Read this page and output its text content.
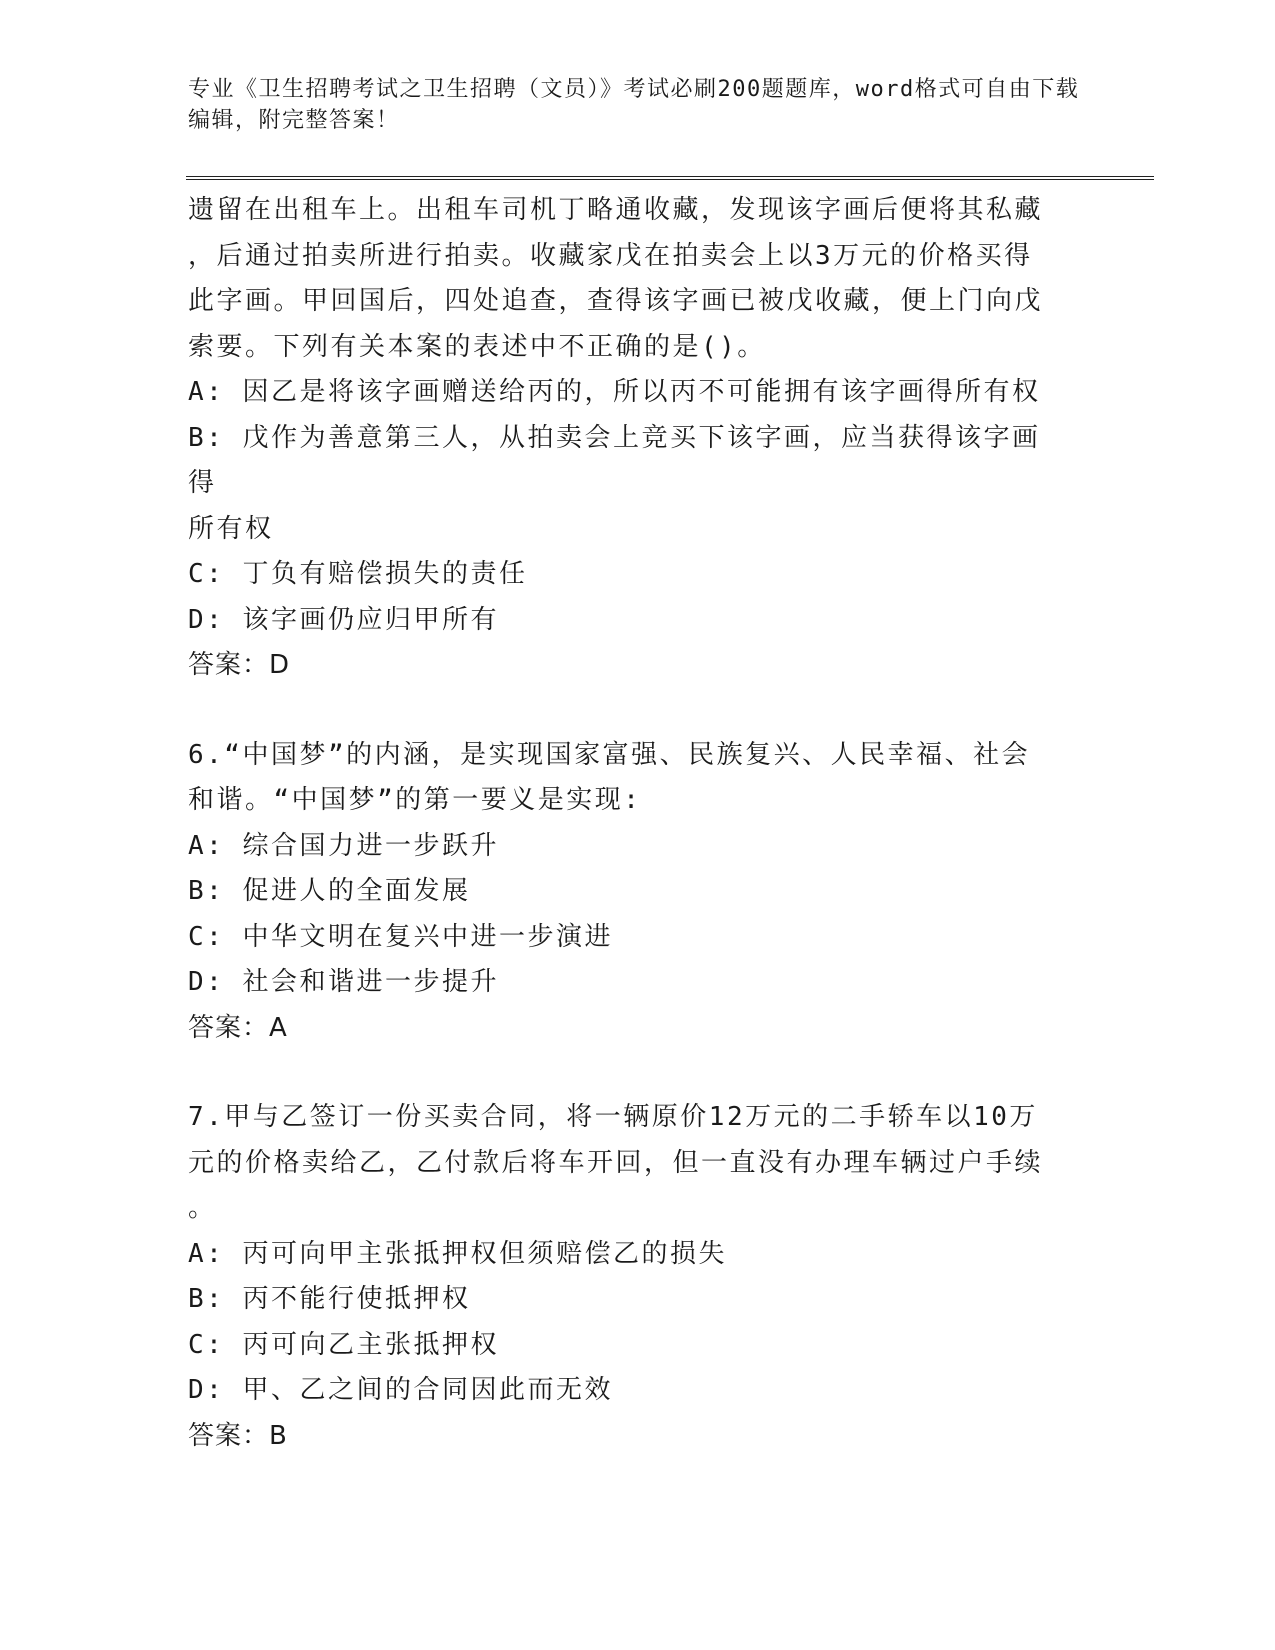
专业《卫生招聘考试之卫生招聘（文员）》考试必刷200题题库，word格式可自由下载编辑，附完整答案！

遗留在出租车上。出租车司机丁略通收藏，发现该字画后便将其私藏

，后通过拍卖所进行拍卖。收藏家戊在拍卖会上以3万元的价格买得

此字画。甲回国后，四处追查，查得该字画已被戊收藏，便上门向戊

索要。下列有关本案的表述中不正确的是()。

A: 因乙是将该字画赠送给丙的，所以丙不可能拥有该字画得所有权

B: 戊作为善意第三人，从拍卖会上竞买下该字画，应当获得该字画得

所有权

C: 丁负有赔偿损失的责任

D: 该字画仍应归甲所有

答案：D

6.“中国梦”的内涵，是实现国家富强、民族复兴、人民幸福、社会

和谐。“中国梦”的第一要义是实现:

A: 综合国力进一步跃升

B: 促进人的全面发展

C: 中华文明在复兴中进一步演进

D: 社会和谐进一步提升

答案：A

7.甲与乙签订一份买卖合同，将一辆原价12万元的二手轿车以10万

元的价格卖给乙，乙付款后将车开回，但一直没有办理车辆过户手续

。

A: 丙可向甲主张抵押权但须赔偿乙的损失

B: 丙不能行使抵押权

C: 丙可向乙主张抵押权

D: 甲、乙之间的合同因此而无效

答案：B
